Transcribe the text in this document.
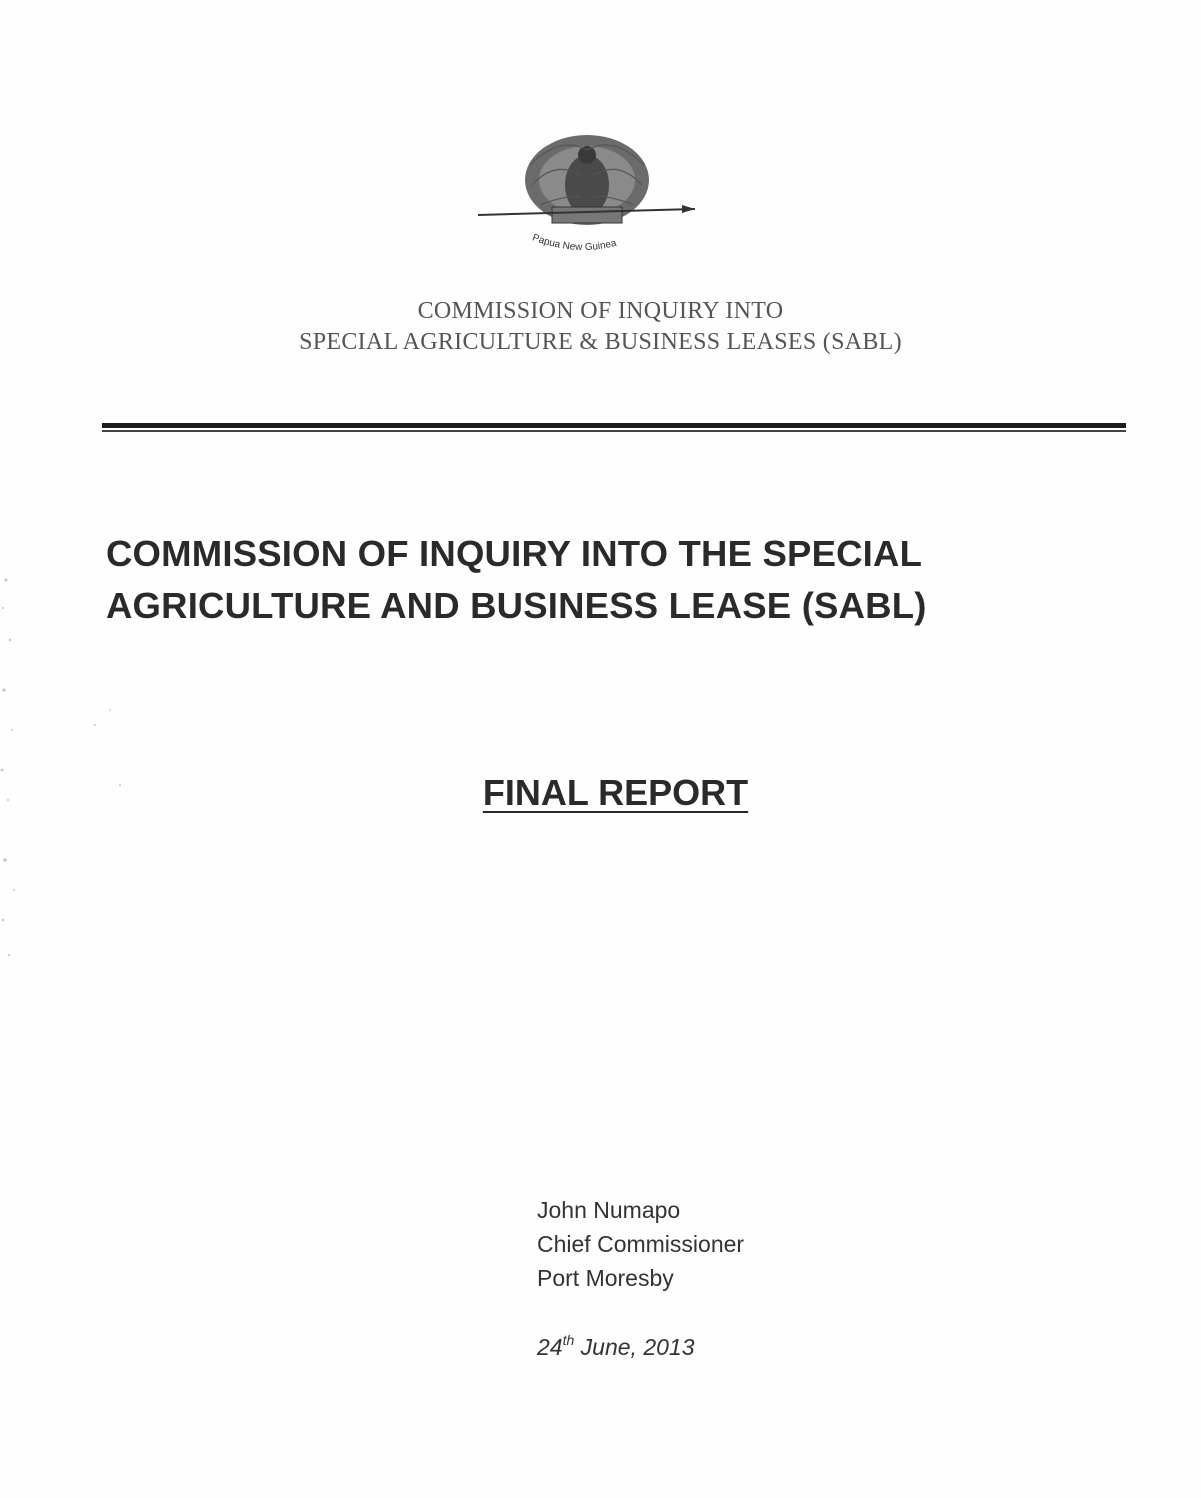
Papua New Guinea
COMMISSION OF INQUIRY INTO
SPECIAL AGRICULTURE & BUSINESS LEASES (SABL)
COMMISSION OF INQUIRY INTO THE SPECIAL
AGRICULTURE AND BUSINESS LEASE (SABL)
FINAL REPORT
John Numapo
Chief Commissioner
Port Moresby
24th June, 2013
